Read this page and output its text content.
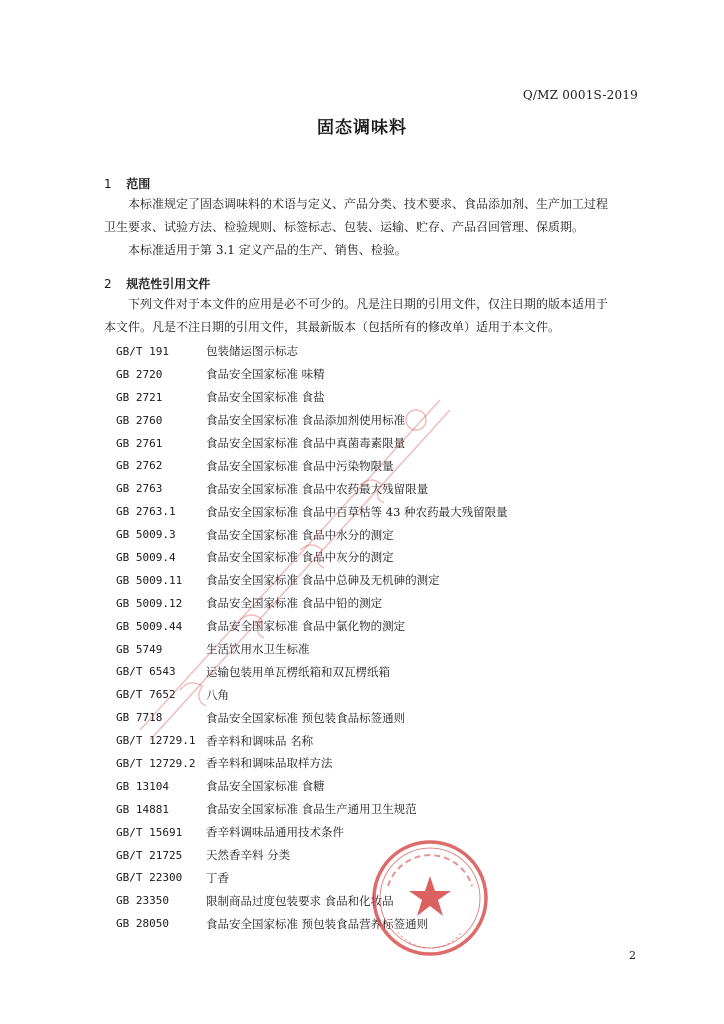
Q/MZ 0001S-2019
固态调味料
1 范围
本标准规定了固态调味料的术语与定义、产品分类、技术要求、食品添加剂、生产加工过程
卫生要求、试验方法、检验规则、标签标志、包装、运输、贮存、产品召回管理、保质期。
本标准适用于第 3.1 定义产品的生产、销售、检验。
2 规范性引用文件
下列文件对于本文件的应用是必不可少的。凡是注日期的引用文件，仅注日期的版本适用于
本文件。凡是不注日期的引用文件，其最新版本（包括所有的修改单）适用于本文件。
GB/T 191	包装储运图示标志
GB 2720	食品安全国家标准 味精
GB 2721	食品安全国家标准 食盐
GB 2760	食品安全国家标准 食品添加剂使用标准
GB 2761	食品安全国家标准 食品中真菌毒素限量
GB 2762	食品安全国家标准 食品中污染物限量
GB 2763	食品安全国家标准 食品中农药最大残留限量
GB 2763.1	食品安全国家标准 食品中百草枯等 43 种农药最大残留限量
GB 5009.3	食品安全国家标准 食品中水分的测定
GB 5009.4	食品安全国家标准 食品中灰分的测定
GB 5009.11	食品安全国家标准 食品中总砷及无机砷的测定
GB 5009.12	食品安全国家标准 食品中铅的测定
GB 5009.44	食品安全国家标准 食品中氯化物的测定
GB 5749	生活饮用水卫生标准
GB/T 6543	运输包装用单瓦楞纸箱和双瓦楞纸箱
GB/T 7652	八角
GB 7718	食品安全国家标准 预包装食品标签通则
GB/T 12729.1 香辛料和调味品 名称
GB/T 12729.2 香辛料和调味品取样方法
GB 13104	食品安全国家标准 食糖
GB 14881	食品安全国家标准 食品生产通用卫生规范
GB/T 15691	香辛料调味品通用技术条件
GB/T 21725	天然香辛料 分类
GB/T 22300	丁香
GB 23350	限制商品过度包装要求 食品和化妆品
GB 28050	食品安全国家标准 预包装食品营养标签通则
2
